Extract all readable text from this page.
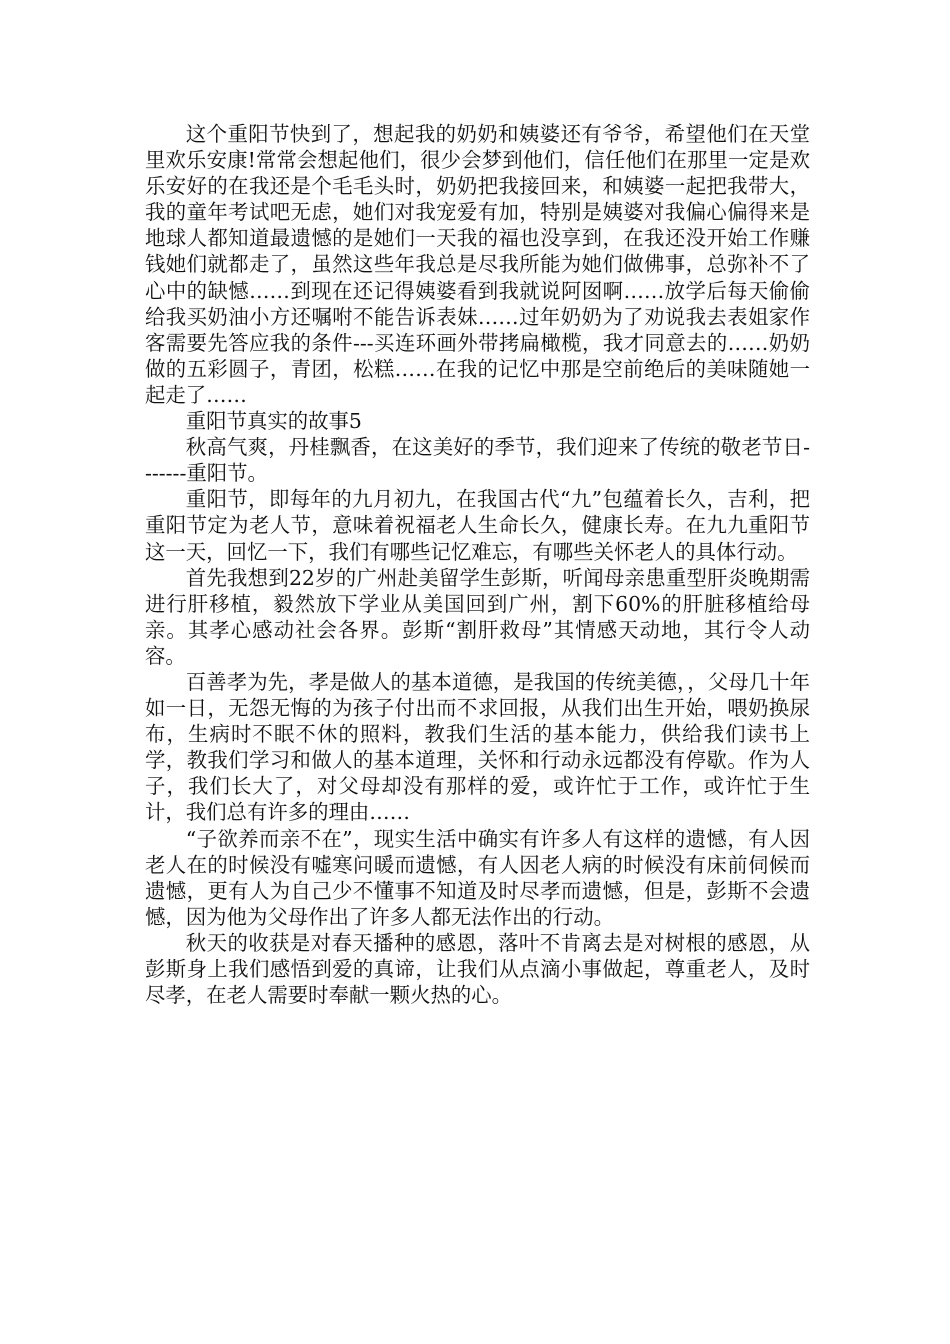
这个重阳节快到了，想起我的奶奶和姨婆还有爷爷，希望他们在天堂里欢乐安康!常常会想起他们，很少会梦到他们，信任他们在那里一定是欢乐安好的在我还是个毛毛头时，奶奶把我接回来，和姨婆一起把我带大，我的童年考试吧无虑，她们对我宠爱有加，特别是姨婆对我偏心偏得来是地球人都知道最遗憾的是她们一天我的福也没享到，在我还没开始工作赚钱她们就都走了，虽然这些年我总是尽我所能为她们做佛事，总弥补不了心中的缺憾……到现在还记得姨婆看到我就说阿囡啊……放学后每天偷偷给我买奶油小方还嘱咐不能告诉表妹……过年奶奶为了劝说我去表姐家作客需要先答应我的条件---买连环画外带拷扁橄榄，我才同意去的……奶奶做的五彩圆子，青团，松糕……在我的记忆中那是空前绝后的美味随她一起走了……

重阳节真实的故事5

秋高气爽，丹桂飘香，在这美好的季节，我们迎来了传统的敬老节日-------重阳节。

重阳节，即每年的九月初九，在我国古代“九”包蕴着长久，吉利，把重阳节定为老人节，意味着祝福老人生命长久，健康长寿。在九九重阳节这一天，回忆一下，我们有哪些记忆难忘，有哪些关怀老人的具体行动。

首先我想到22岁的广州赴美留学生彭斯，听闻母亲患重型肝炎晚期需进行肝移植，毅然放下学业从美国回到广州，割下60%的肝脏移植给母亲。其孝心感动社会各界。彭斯“割肝救母”其情感天动地，其行令人动容。

百善孝为先，孝是做人的基本道德，是我国的传统美德，，父母几十年如一日，无怨无悔的为孩子付出而不求回报，从我们出生开始，喂奶换尿布，生病时不眠不休的照料，教我们生活的基本能力，供给我们读书上学，教我们学习和做人的基本道理，关怀和行动永远都没有停歇。作为人子，我们长大了，对父母却没有那样的爱，或许忙于工作，或许忙于生计，我们总有许多的理由……

“子欲养而亲不在”，现实生活中确实有许多人有这样的遗憾，有人因老人在的时候没有嘘寒问暖而遗憾，有人因老人病的时候没有床前伺候而遗憾，更有人为自己少不懂事不知道及时尽孝而遗憾，但是，彭斯不会遗憾，因为他为父母作出了许多人都无法作出的行动。

秋天的收获是对春天播种的感恩，落叶不肯离去是对树根的感恩，从彭斯身上我们感悟到爱的真谛，让我们从点滴小事做起，尊重老人，及时尽孝，在老人需要时奉献一颗火热的心。
